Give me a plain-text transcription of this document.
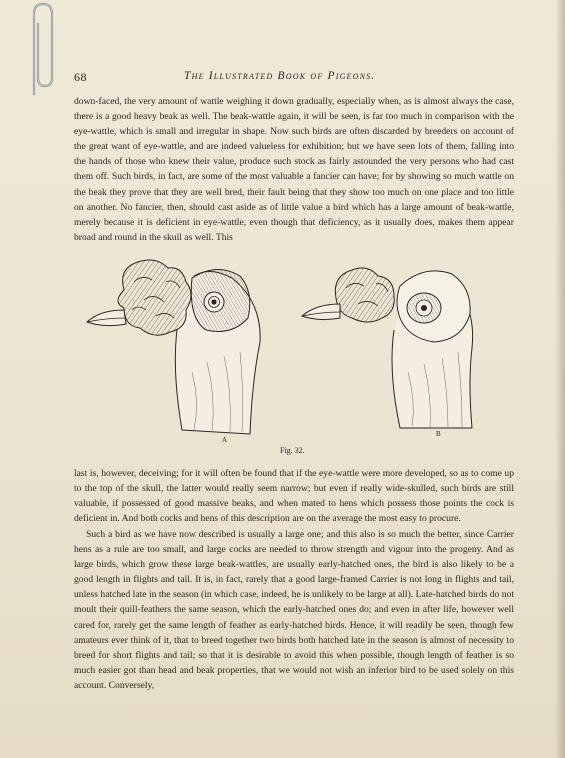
68	The Illustrated Book of Pigeons.

down-faced, the very amount of wattle weighing it down gradually, especially when, as is almost always the case, there is a good heavy beak as well. The beak-wattle again, it will be seen, is far too much in comparison with the eye-wattle, which is small and irregular in shape. Now such birds are often discarded by breeders on account of the great want of eye-wattle, and are indeed valueless for exhibition; but we have seen lots of them, falling into the hands of those who knew their value, produce such stock as fairly astounded the very persons who had cast them off. Such birds, in fact, are some of the most valuable a fancier can have; for by showing so much wattle on the beak they prove that they are well bred, their fault being that they show too much on one place and too little on another. No fancier, then, should cast aside as of little value a bird which has a large amount of beak-wattle, merely because it is deficient in eye-wattle, even though that deficiency, as it usually does, makes them appear broad and round in the skull as well. This

A
B
Fig. 32.

last is, however, deceiving; for it will often be found that if the eye-wattle were more developed, so as to come up to the top of the skull, the latter would really seem narrow; but even if really wide-skulled, such birds are still valuable, if possessed of good massive beaks, and when mated to hens which possess those points the cock is deficient in. And both cocks and hens of this description are on the average the most easy to procure.

Such a bird as we have now described is usually a large one; and this also is so much the better, since Carrier hens as a rule are too small, and large cocks are needed to throw strength and vigour into the progeny. And as large birds, which grow these large beak-wattles, are usually early-hatched ones, the bird is also likely to be a good length in flights and tail. It is, in fact, rarely that a good large-framed Carrier is not long in flights and tail, unless hatched late in the season (in which case, indeed, he is unlikely to be large at all). Late-hatched birds do not moult their quill-feathers the same season, which the early-hatched ones do; and even in after life, however well cared for, rarely get the same length of feather as early-hatched birds. Hence, it will readily be seen, though few amateurs ever think of it, that to breed together two birds both hatched late in the season is almost of necessity to breed for short flights and tail; so that it is desirable to avoid this when possible, though length of feather is so much easier got than head and beak properties, that we would not wish an inferior bird to be used solely on this account. Conversely,
